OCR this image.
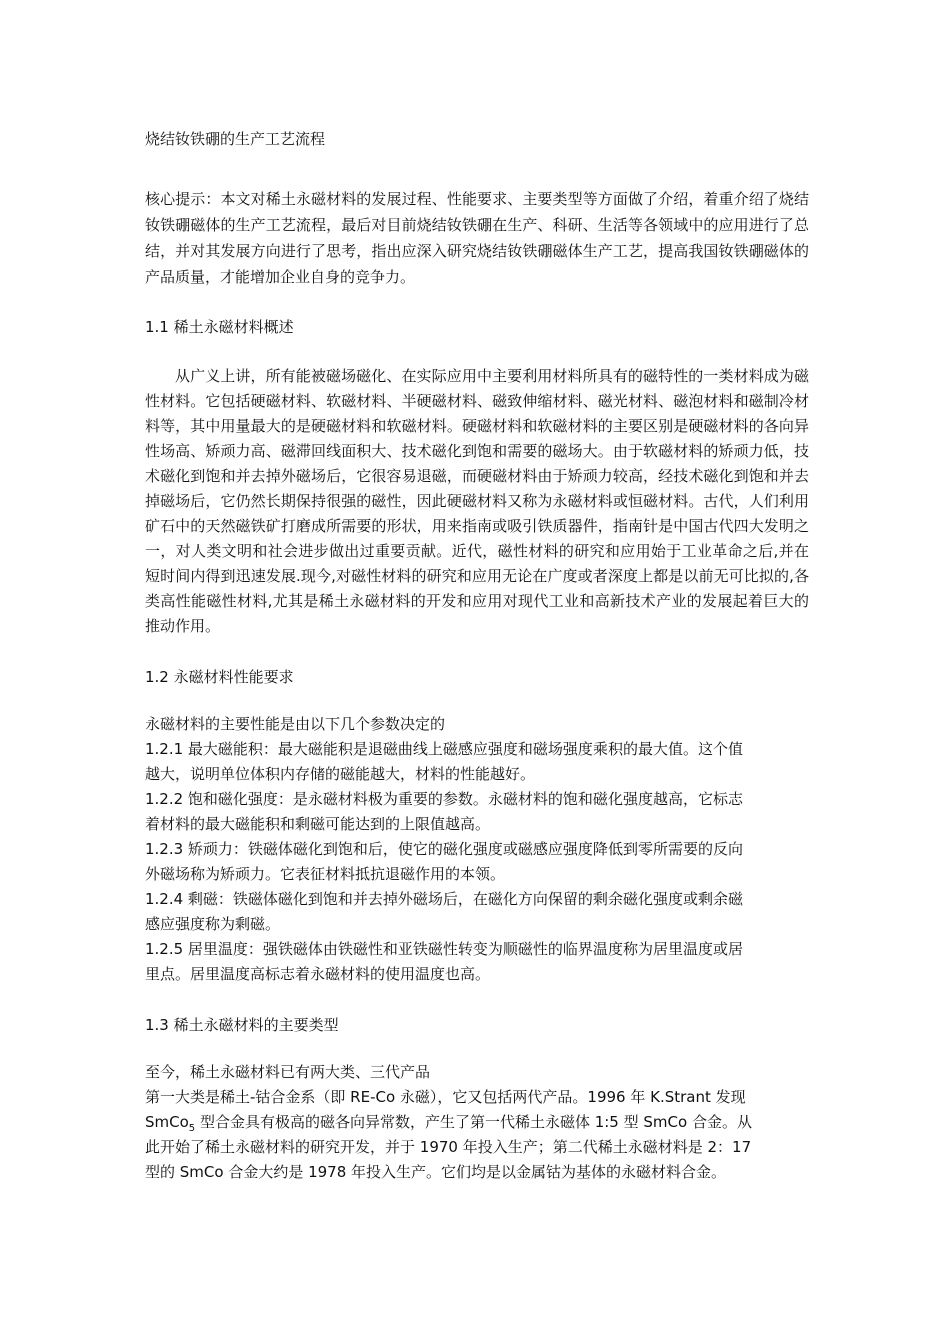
烧结钕铁硼的生产工艺流程
核心提示：本文对稀土永磁材料的发展过程、性能要求、主要类型等方面做了介绍，着重介绍了烧结钕铁硼磁体的生产工艺流程，最后对目前烧结钕铁硼在生产、科研、生活等各领域中的应用进行了总结，并对其发展方向进行了思考，指出应深入研究烧结钕铁硼磁体生产工艺，提高我国钕铁硼磁体的产品质量，才能增加企业自身的竞争力。
1.1 稀土永磁材料概述
从广义上讲，所有能被磁场磁化、在实际应用中主要利用材料所具有的磁特性的一类材料成为磁性材料。它包括硬磁材料、软磁材料、半硬磁材料、磁致伸缩材料、磁光材料、磁泡材料和磁制冷材料等，其中用量最大的是硬磁材料和软磁材料。硬磁材料和软磁材料的主要区别是硬磁材料的各向异性场高、矫顽力高、磁滞回线面积大、技术磁化到饱和需要的磁场大。由于软磁材料的矫顽力低，技术磁化到饱和并去掉外磁场后，它很容易退磁，而硬磁材料由于矫顽力较高，经技术磁化到饱和并去掉磁场后，它仍然长期保持很强的磁性，因此硬磁材料又称为永磁材料或恒磁材料。古代，人们利用矿石中的天然磁铁矿打磨成所需要的形状，用来指南或吸引铁质器件，指南针是中国古代四大发明之一，对人类文明和社会进步做出过重要贡献。近代，磁性材料的研究和应用始于工业革命之后,并在短时间内得到迅速发展.现今,对磁性材料的研究和应用无论在广度或者深度上都是以前无可比拟的,各类高性能磁性材料,尤其是稀土永磁材料的开发和应用对现代工业和高新技术产业的发展起着巨大的推动作用。
1.2 永磁材料性能要求
永磁材料的主要性能是由以下几个参数决定的
1.2.1 最大磁能积：最大磁能积是退磁曲线上磁感应强度和磁场强度乘积的最大值。这个值
越大，说明单位体积内存储的磁能越大，材料的性能越好。
1.2.2 饱和磁化强度：是永磁材料极为重要的参数。永磁材料的饱和磁化强度越高，它标志
着材料的最大磁能积和剩磁可能达到的上限值越高。
1.2.3 矫顽力：铁磁体磁化到饱和后，使它的磁化强度或磁感应强度降低到零所需要的反向
外磁场称为矫顽力。它表征材料抵抗退磁作用的本领。
1.2.4 剩磁：铁磁体磁化到饱和并去掉外磁场后，在磁化方向保留的剩余磁化强度或剩余磁
感应强度称为剩磁。
1.2.5 居里温度：强铁磁体由铁磁性和亚铁磁性转变为顺磁性的临界温度称为居里温度或居
里点。居里温度高标志着永磁材料的使用温度也高。
1.3 稀土永磁材料的主要类型
至今，稀土永磁材料已有两大类、三代产品
第一大类是稀土-钴合金系（即 RE-Co 永磁），它又包括两代产品。1996 年 K.Strant 发现
SmCo$_5$ 型合金具有极高的磁各向异常数，产生了第一代稀土永磁体 1:5 型 SmCo 合金。从
此开始了稀土永磁材料的研究开发，并于 1970 年投入生产；第二代稀土永磁材料是 2：17
型的 SmCo 合金大约是 1978 年投入生产。它们均是以金属钴为基体的永磁材料合金。
